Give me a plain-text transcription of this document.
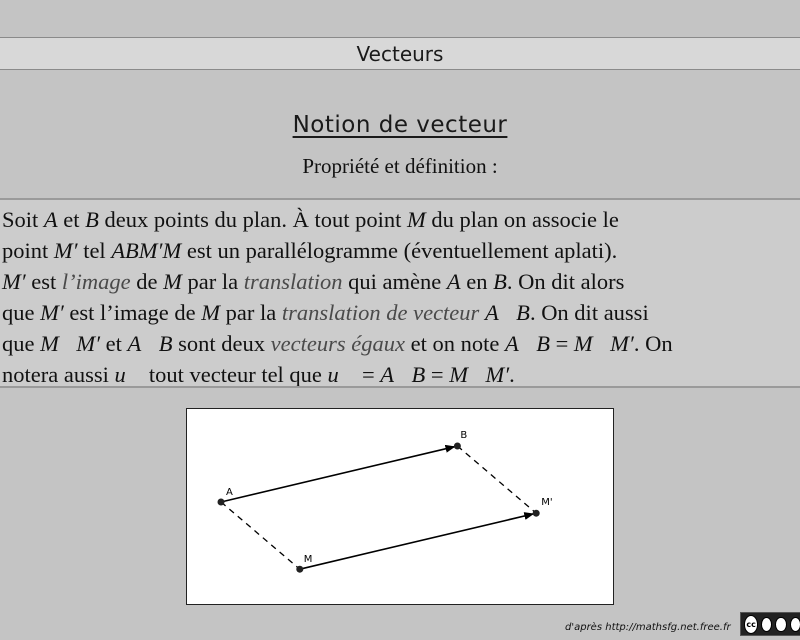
Vecteurs
Notion de vecteur
Propriété et définition :
Soit A et B deux points du plan. À tout point M du plan on associe le
point M′ tel ABM′M est un parallélogramme (éventuellement aplati).
M′ est l’image de M par la translation qui amène A en B. On dit alors
que M′ est l’image de M par la translation de vecteur A⃗B. On dit aussi
que M⃗M′ et A⃗B sont deux vecteurs égaux et on note A⃗B = M⃗M′. On
notera aussi u⃗ tout vecteur tel que u⃗ = A⃗B = M⃗M′.
A
B
M
M'
d'après http://mathsfg.net.free.fr cc
